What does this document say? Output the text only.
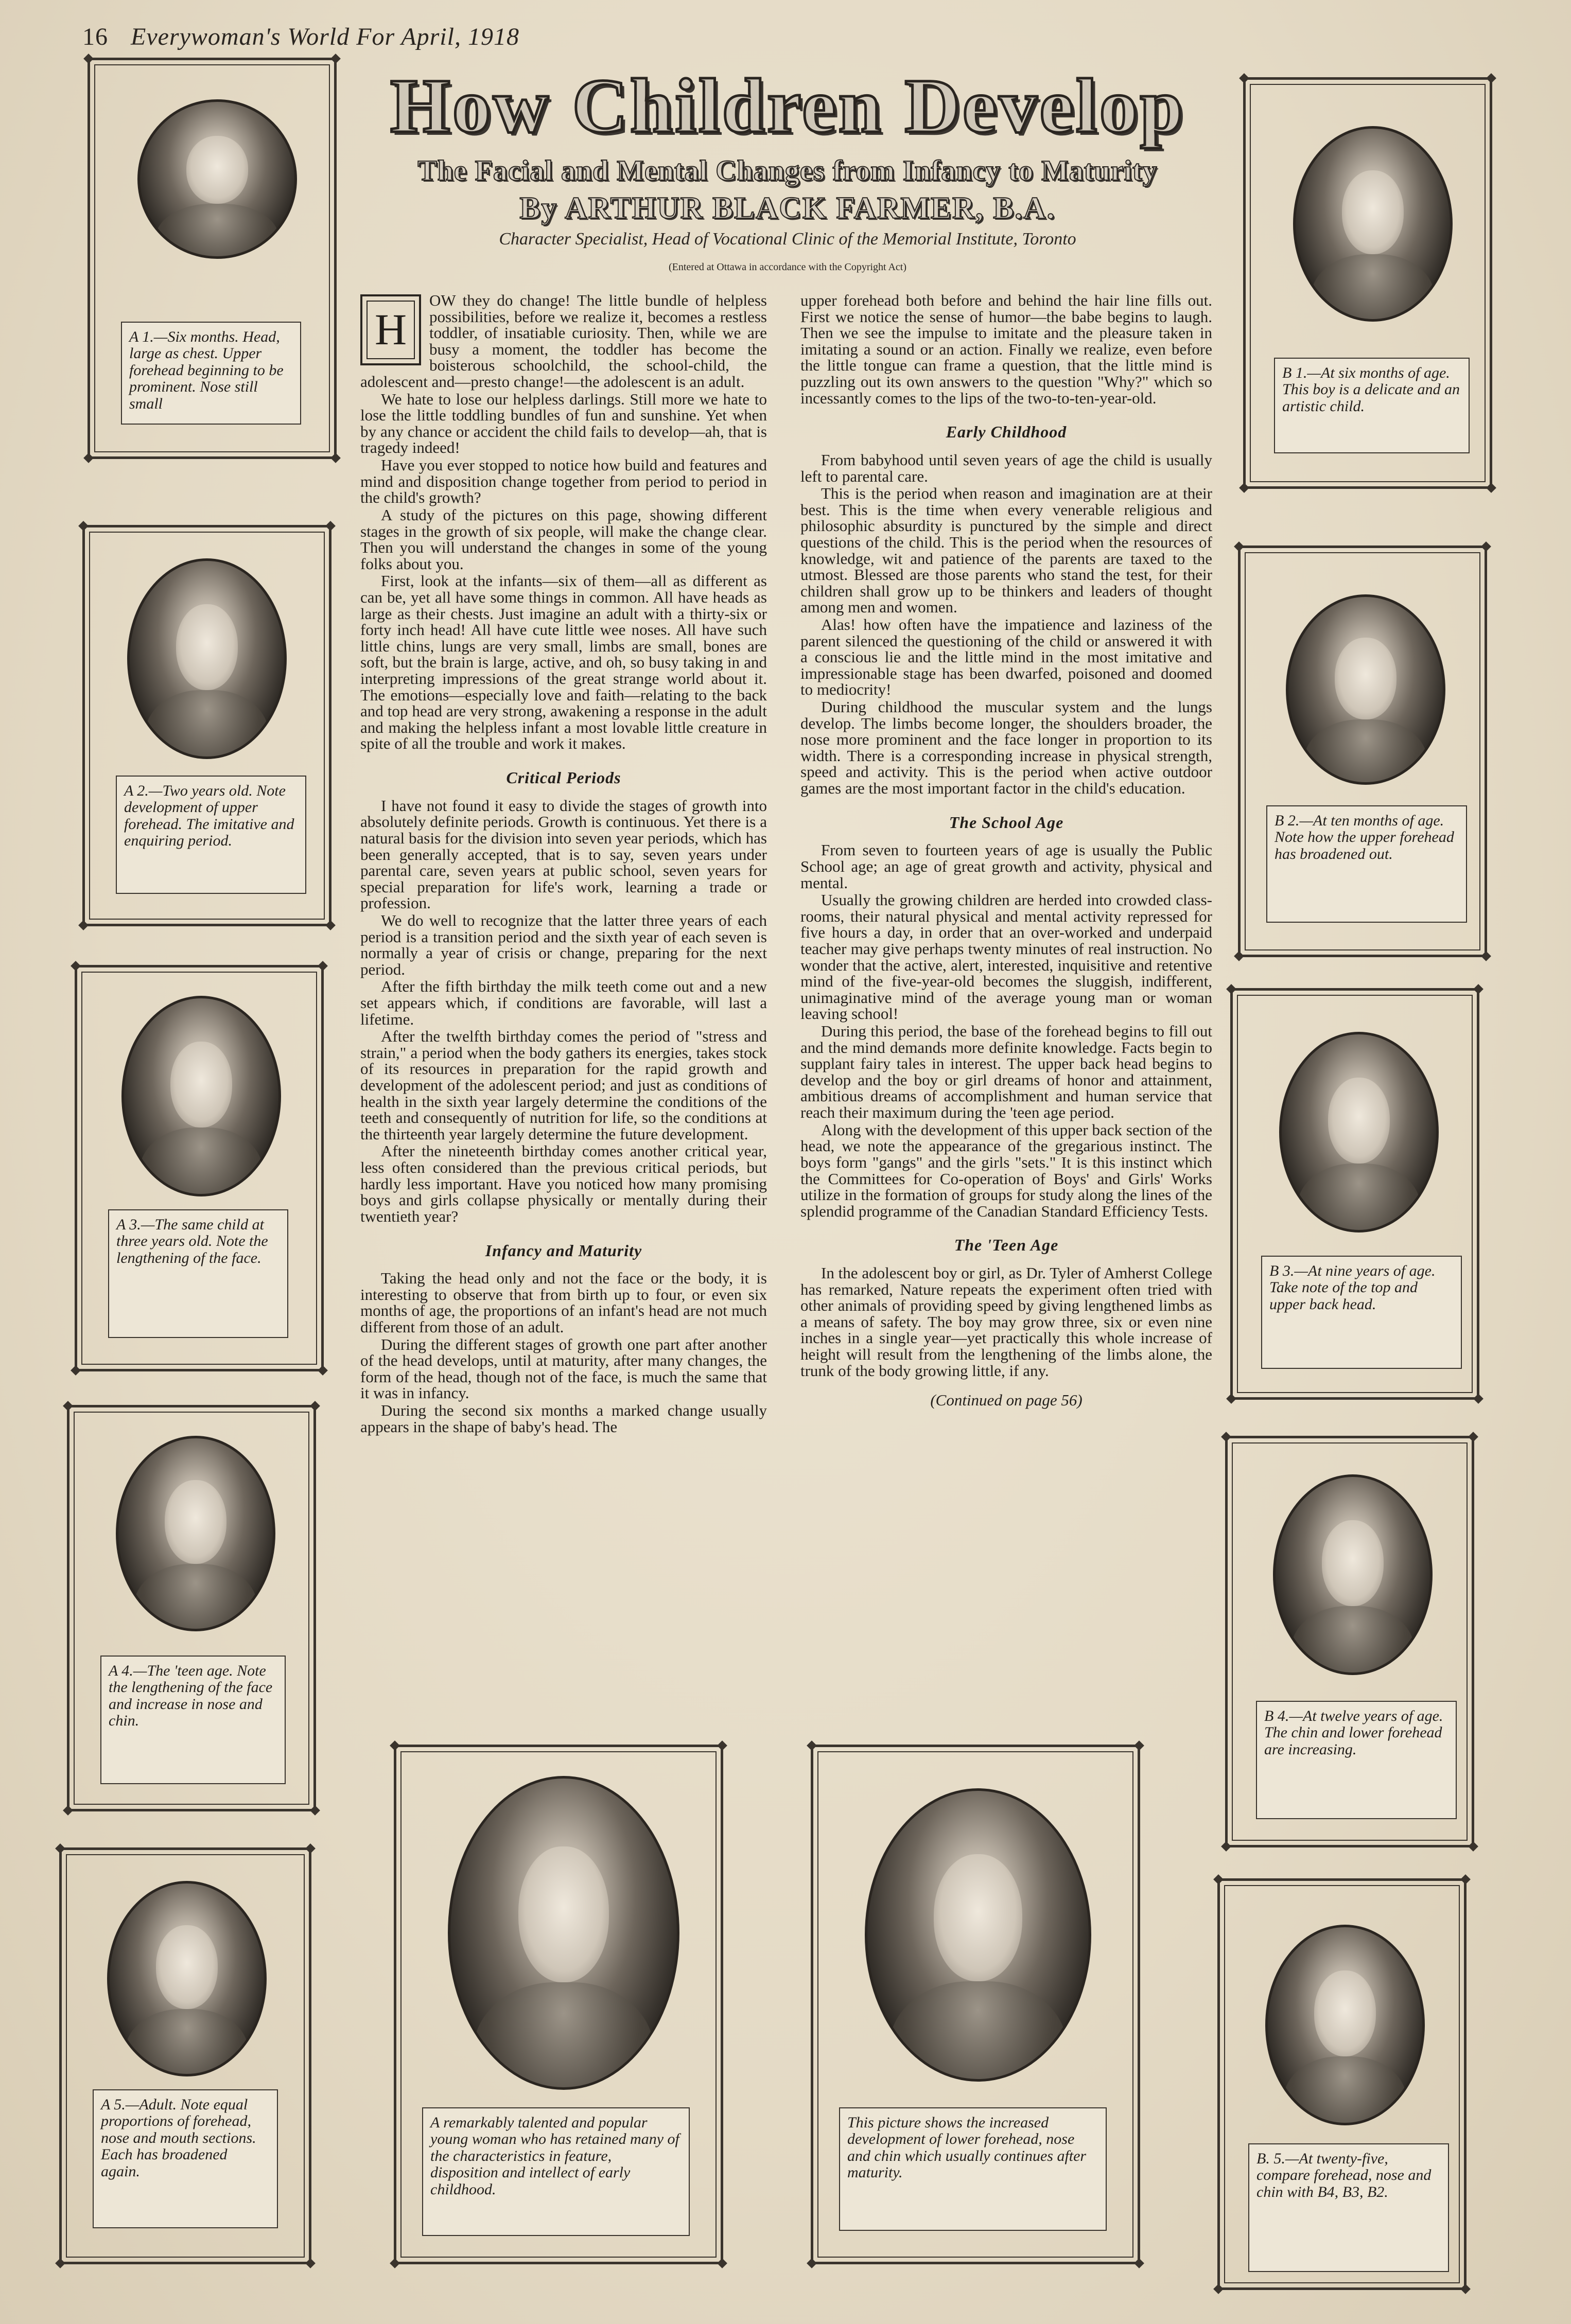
16 Everywoman's World For April, 1918
How Children Develop
The Facial and Mental Changes from Infancy to Maturity
By ARTHUR BLACK FARMER, B.A.
Character Specialist, Head of Vocational Clinic of the Memorial Institute, Toronto
(Entered at Ottawa in accordance with the Copyright Act)
H

OW they do change! The little bundle of helpless possibilities, before we realize it, becomes a restless toddler, of insatiable curiosity. Then, while we are busy a moment, the toddler has become the boisterous schoolchild, the school-child, the adolescent and—presto change!—the adolescent is an adult.

We hate to lose our helpless darlings. Still more we hate to lose the little toddling bundles of fun and sunshine. Yet when by any chance or accident the child fails to develop—ah, that is tragedy indeed!

Have you ever stopped to notice how build and features and mind and disposition change together from period to period in the child's growth?

A study of the pictures on this page, showing different stages in the growth of six people, will make the change clear. Then you will understand the changes in some of the young folks about you.

First, look at the infants—six of them—all as different as can be, yet all have some things in common. All have heads as large as their chests. Just imagine an adult with a thirty-six or forty inch head! All have cute little wee noses. All have such little chins, lungs are very small, limbs are small, bones are soft, but the brain is large, active, and oh, so busy taking in and interpreting impressions of the great strange world about it. The emotions—especially love and faith—relating to the back and top head are very strong, awakening a response in the adult and making the helpless infant a most lovable little creature in spite of all the trouble and work it makes.

Critical Periods

I have not found it easy to divide the stages of growth into absolutely definite periods. Growth is continuous. Yet there is a natural basis for the division into seven year periods, which has been generally accepted, that is to say, seven years under parental care, seven years at public school, seven years for special preparation for life's work, learning a trade or profession.

We do well to recognize that the latter three years of each period is a transition period and the sixth year of each seven is normally a year of crisis or change, preparing for the next period.

After the fifth birthday the milk teeth come out and a new set appears which, if conditions are favorable, will last a lifetime.

After the twelfth birthday comes the period of "stress and strain," a period when the body gathers its energies, takes stock of its resources in preparation for the rapid growth and development of the adolescent period; and just as conditions of health in the sixth year largely determine the conditions of the teeth and consequently of nutrition for life, so the conditions at the thirteenth year largely determine the future development.

After the nineteenth birthday comes another critical year, less often considered than the previous critical periods, but hardly less important. Have you noticed how many promising boys and girls collapse physically or mentally during their twentieth year?

Infancy and Maturity

Taking the head only and not the face or the body, it is interesting to observe that from birth up to four, or even six months of age, the proportions of an infant's head are not much different from those of an adult.

During the different stages of growth one part after another of the head develops, until at maturity, after many changes, the form of the head, though not of the face, is much the same that it was in infancy.

During the second six months a marked change usually appears in the shape of baby's head. The

upper forehead both before and behind the hair line fills out. First we notice the sense of humor—the babe begins to laugh. Then we see the impulse to imitate and the pleasure taken in imitating a sound or an action. Finally we realize, even before the little tongue can frame a question, that the little mind is puzzling out its own answers to the question "Why?" which so incessantly comes to the lips of the two-to-ten-year-old.

Early Childhood

From babyhood until seven years of age the child is usually left to parental care.

This is the period when reason and imagination are at their best. This is the time when every venerable religious and philosophic absurdity is punctured by the simple and direct questions of the child. This is the period when the resources of knowledge, wit and patience of the parents are taxed to the utmost. Blessed are those parents who stand the test, for their children shall grow up to be thinkers and leaders of thought among men and women.

Alas! how often have the impatience and laziness of the parent silenced the questioning of the child or answered it with a conscious lie and the little mind in the most imitative and impressionable stage has been dwarfed, poisoned and doomed to mediocrity!

During childhood the muscular system and the lungs develop. The limbs become longer, the shoulders broader, the nose more prominent and the face longer in proportion to its width. There is a corresponding increase in physical strength, speed and activity. This is the period when active outdoor games are the most important factor in the child's education.

The School Age

From seven to fourteen years of age is usually the Public School age; an age of great growth and activity, physical and mental.

Usually the growing children are herded into crowded class-rooms, their natural physical and mental activity repressed for five hours a day, in order that an over-worked and underpaid teacher may give perhaps twenty minutes of real instruction. No wonder that the active, alert, interested, inquisitive and retentive mind of the five-year-old becomes the sluggish, indifferent, unimaginative mind of the average young man or woman leaving school!

During this period, the base of the forehead begins to fill out and the mind demands more definite knowledge. Facts begin to supplant fairy tales in interest. The upper back head begins to develop and the boy or girl dreams of honor and attainment, ambitious dreams of accomplishment and human service that reach their maximum during the 'teen age period.

Along with the development of this upper back section of the head, we note the appearance of the gregarious instinct. The boys form "gangs" and the girls "sets." It is this instinct which the Committees for Co-operation of Boys' and Girls' Works utilize in the formation of groups for study along the lines of the splendid programme of the Canadian Standard Efficiency Tests.

The 'Teen Age

In the adolescent boy or girl, as Dr. Tyler of Amherst College has remarked, Nature repeats the experiment often tried with other animals of providing speed by giving lengthened limbs as a means of safety. The boy may grow three, six or even nine inches in a single year—yet practically this whole increase of height will result from the lengthening of the limbs alone, the trunk of the body growing little, if any.

(Continued on page 56)
A 1.—Six months. Head, large as chest. Upper forehead beginning to be prominent. Nose still small
A 2.—Two years old. Note development of upper forehead. The imitative and enquiring period.
A 3.—The same child at three years old. Note the lengthening of the face.
A 4.—The 'teen age. Note the lengthening of the face and increase in nose and chin.
A 5.—Adult. Note equal proportions of forehead, nose and mouth sections. Each has broadened again.
A remarkably talented and popular young woman who has retained many of the characteristics in feature, disposition and intellect of early childhood.
This picture shows the increased development of lower forehead, nose and chin which usually continues after maturity.
B 1.—At six months of age. This boy is a delicate and an artistic child.
B 2.—At ten months of age. Note how the upper forehead has broadened out.
B 3.—At nine years of age. Take note of the top and upper back head.
B 4.—At twelve years of age. The chin and lower forehead are increasing.
B. 5.—At twenty-five, compare forehead, nose and chin with B4, B3, B2.
